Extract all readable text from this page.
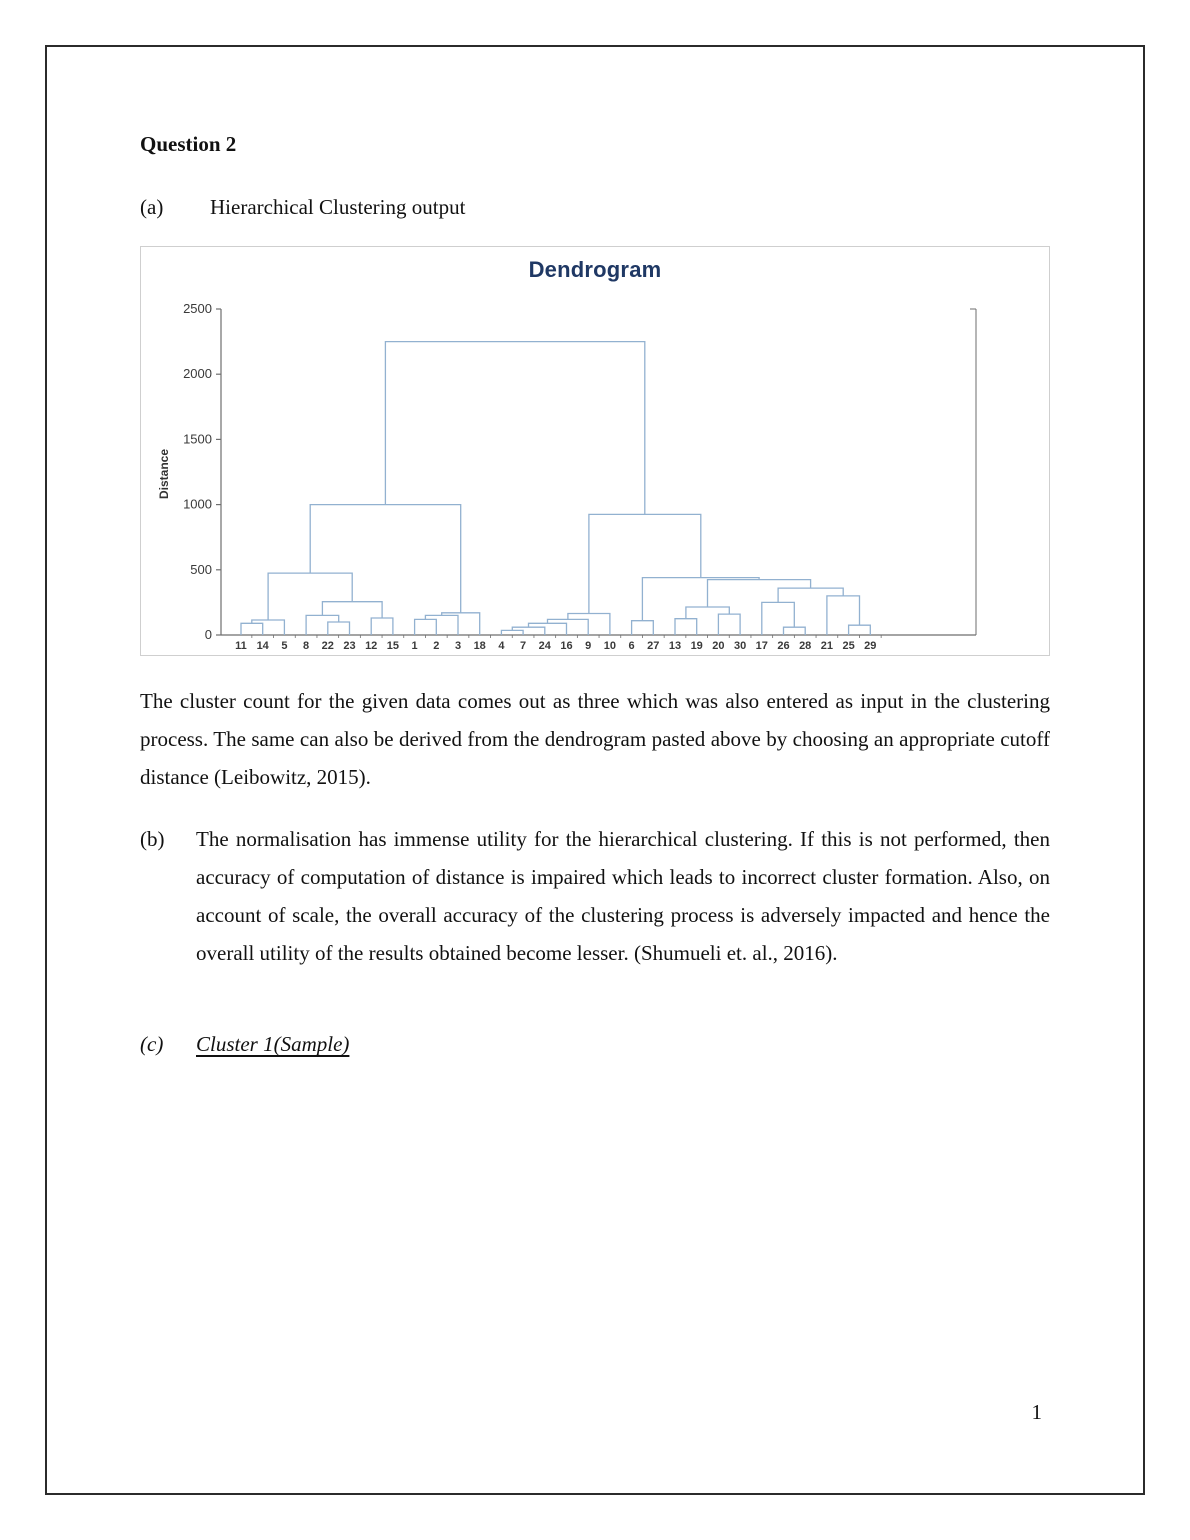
Question 2
(a)	Hierarchical Clustering output
0
500
1000
1500
2000
2500
11 14 5 8 22 23 12 15 1 2 3 18 4 7 24 16 9 10 6 27 13 19 20 30 17 26 28 21 25 29
Dendrogram
Distance

The cluster count for the given data comes out as three which was also entered as input in the clustering process. The same can also be derived from the dendrogram pasted above by choosing an appropriate cutoff distance (Leibowitz, 2015).

(b)	The normalisation has immense utility for the hierarchical clustering. If this is not performed, then accuracy of computation of distance is impaired which leads to incorrect cluster formation. Also, on account of scale, the overall accuracy of the clustering process is adversely impacted and hence the overall utility of the results obtained become lesser. (Shumueli et. al., 2016).

(c)	Cluster 1(Sample)
1
